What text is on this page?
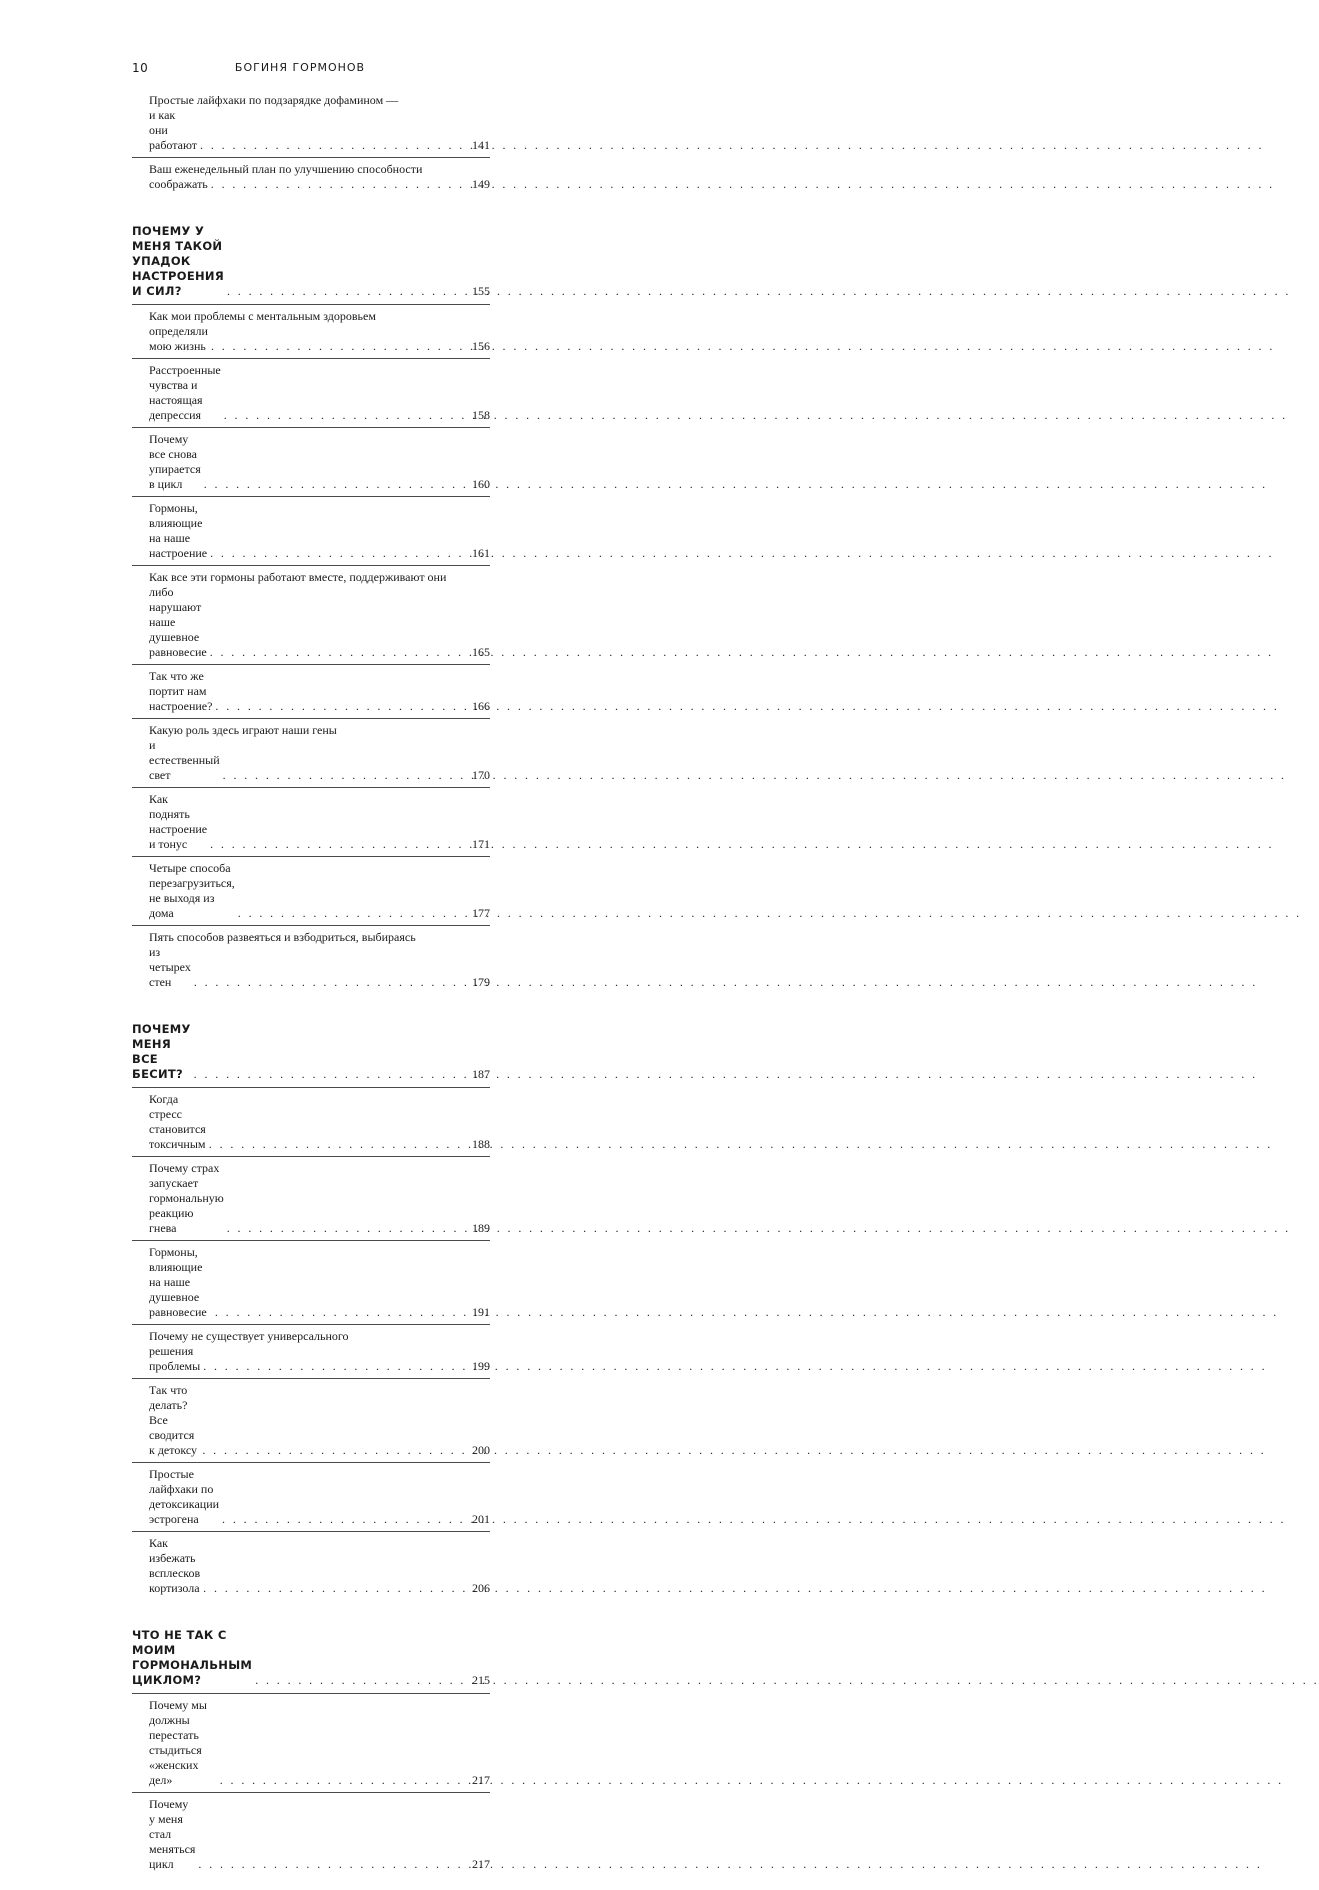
10	БОГИНЯ ГОРМОНОВ
Простые лайфхаки по подзарядке дофамином —
и как они работают . . .	141
Ваш еженедельный план по улучшению способности
соображать . . .	149
ПОЧЕМУ У МЕНЯ ТАКОЙ УПАДОК НАСТРОЕНИЯ И СИЛ? . . .	155
Как мои проблемы с ментальным здоровьем
определяли мою жизнь . . .	156
Расстроенные чувства и настоящая депрессия . . .	158
Почему все снова упирается в цикл . . .	160
Гормоны, влияющие на наше настроение . . .	161
Как все эти гормоны работают вместе, поддерживают они
либо нарушают наше душевное равновесие . . .	165
Так что же портит нам настроение? . . .	166
Какую роль здесь играют наши гены
и естественный свет . . .	170
Как поднять настроение и тонус . . .	171
Четыре способа перезагрузиться, не выходя из дома . . .	177
Пять способов развеяться и взбодриться, выбираясь
из четырех стен . . .	179
ПОЧЕМУ МЕНЯ ВСЕ БЕСИТ? . . .	187
Когда стресс становится токсичным . . .	188
Почему страх запускает гормональную реакцию гнева . . .	189
Гормоны, влияющие на наше душевное равновесие . . .	191
Почему не существует универсального
решения проблемы . . .	199
Так что делать? Все сводится к детоксу . . .	200
Простые лайфхаки по детоксикации эстрогена . . .	201
Как избежать всплесков кортизола . . .	206
ЧТО НЕ ТАК С МОИМ ГОРМОНАЛЬНЫМ ЦИКЛОМ? . . .	215
Почему мы должны перестать стыдиться «женских дел» . . .	217
Почему у меня стал меняться цикл . . .	217
